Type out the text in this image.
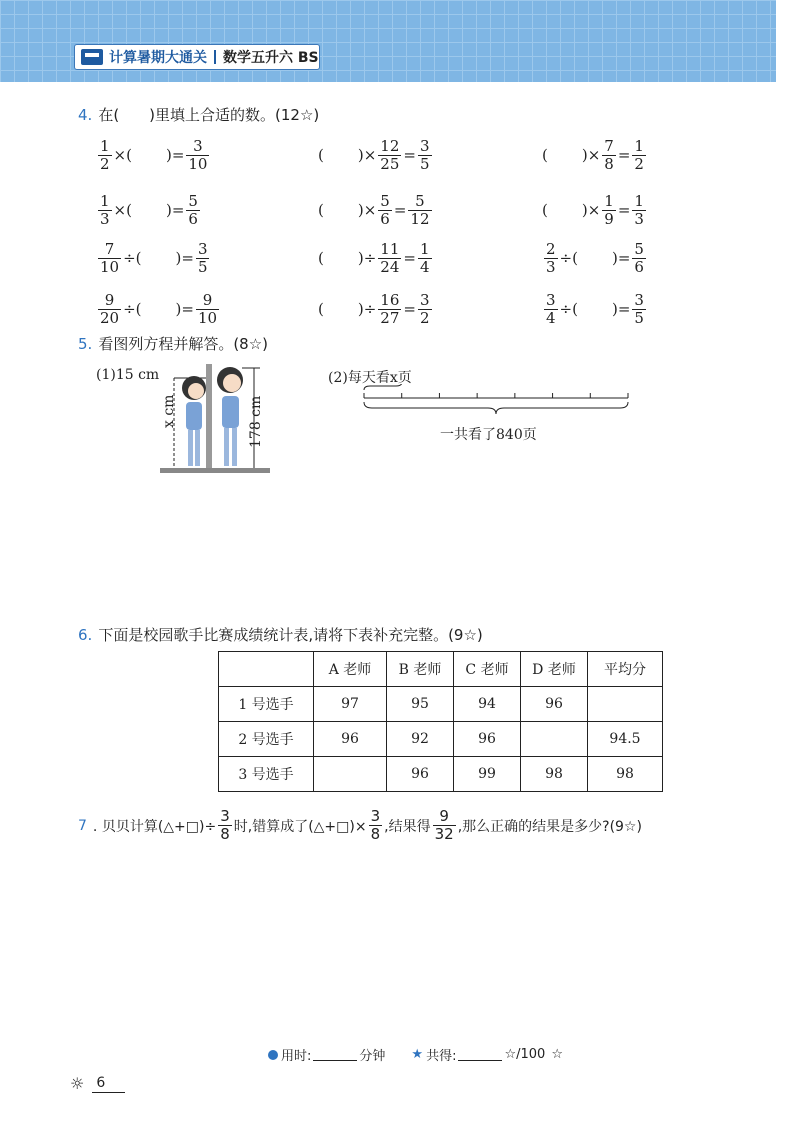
计算暑期大通关 数学五升六 BS
4. 在(　　)里填上合适的数。(12☆)
$\frac{1}{2}$ ×( )= $\frac{3}{10}$	( )× $\frac{12}{25} = \frac{3}{5}$	( )× $\frac{7}{8} = \frac{1}{2}$
$\frac{1}{3}$ ×( )= $\frac{5}{6}$	( )× $\frac{5}{6} = \frac{5}{12}$	( )× $\frac{1}{9} = \frac{1}{3}$
$\frac{7}{10}$ ÷( )= $\frac{3}{5}$	( )÷ $\frac{11}{24} = \frac{1}{4}$	$\frac{2}{3}$ ÷( )= $\frac{5}{6}$
$\frac{9}{20}$ ÷( )= $\frac{9}{10}$	( )÷ $\frac{16}{27} = \frac{3}{2}$	$\frac{3}{4}$ ÷( )= $\frac{3}{5}$
5. 看图列方程并解答。(8☆)
(1)15 cm
x cm	178 cm
(2)每天看x页
一共看了840页
6. 下面是校园歌手比赛成绩统计表,请将下表补充完整。(9☆)
	A 老师	B 老师	C 老师	D 老师	平均分
1 号选手	97	95	94	96	
2 号选手	96	92	96		94.5
3 号选手		96	99	98	98
7 . 贝贝计算(△+□)÷ $\frac{3}{8}$ 时,错算成了(△+□)× $\frac{3}{8}$ ,结果得 $\frac{9}{32}$ ,那么正确的结果是多少?(9☆)
用时:	分钟 ★ 共得:	☆/100 ☆
☼ 6
